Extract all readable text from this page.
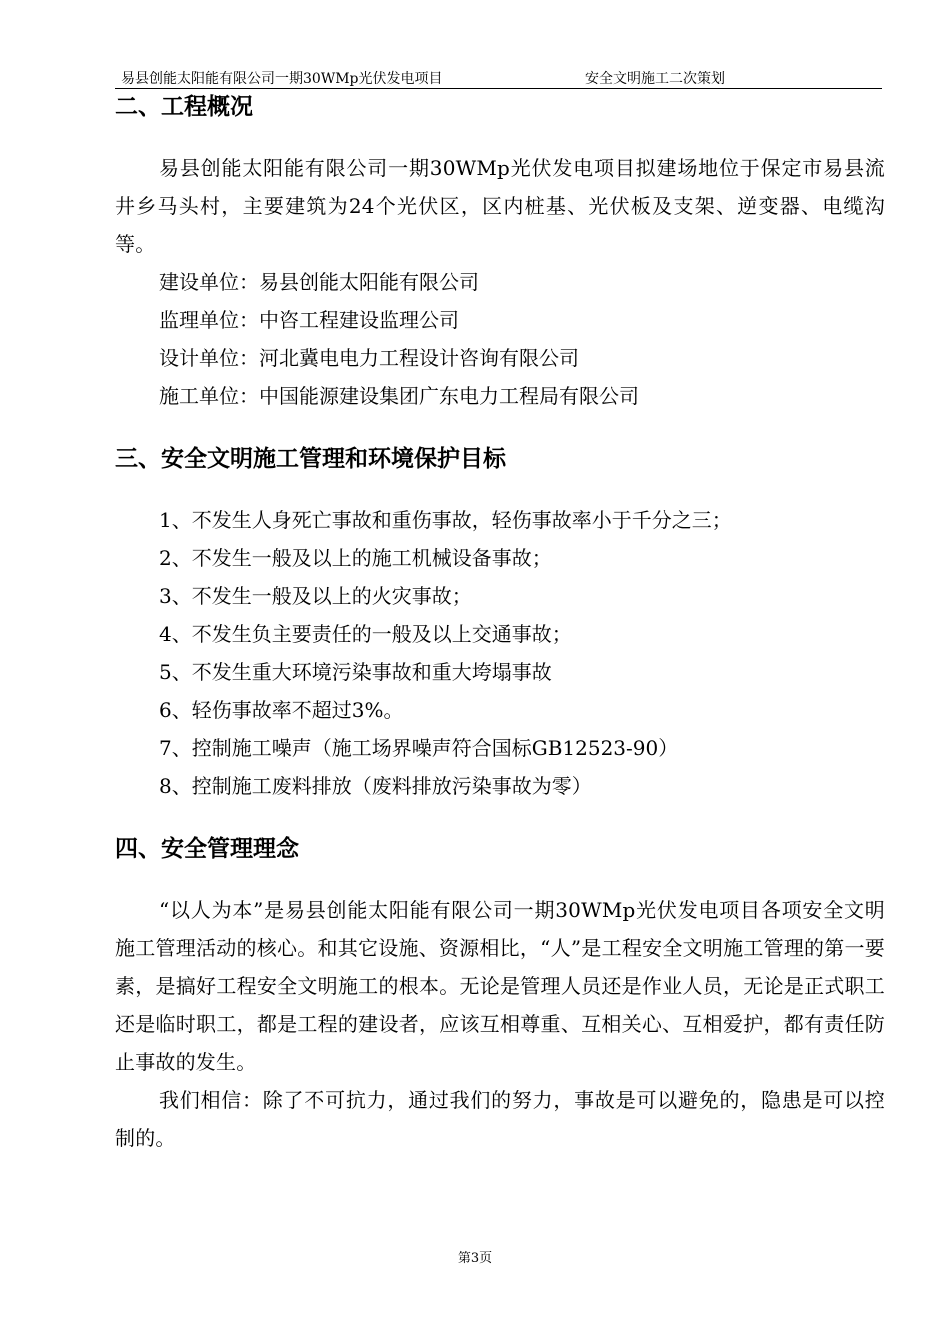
易县创能太阳能有限公司一期30WMp光伏发电项目	安全文明施工二次策划
二、工程概况

易县创能太阳能有限公司一期30WMp光伏发电项目拟建场地位于保定市易县流井乡马头村，主要建筑为24个光伏区，区内桩基、光伏板及支架、逆变器、电缆沟等。

建设单位：易县创能太阳能有限公司

监理单位：中咨工程建设监理公司

设计单位：河北冀电电力工程设计咨询有限公司

施工单位：中国能源建设集团广东电力工程局有限公司

三、安全文明施工管理和环境保护目标

1、不发生人身死亡事故和重伤事故，轻伤事故率小于千分之三；

2、不发生一般及以上的施工机械设备事故；

3、不发生一般及以上的火灾事故；

4、不发生负主要责任的一般及以上交通事故；

5、不发生重大环境污染事故和重大垮塌事故

6、轻伤事故率不超过3%。

7、控制施工噪声（施工场界噪声符合国标GB12523-90）

8、控制施工废料排放（废料排放污染事故为零）

四、安全管理理念

“以人为本”是易县创能太阳能有限公司一期30WMp光伏发电项目各项安全文明施工管理活动的核心。和其它设施、资源相比，“人”是工程安全文明施工管理的第一要素，是搞好工程安全文明施工的根本。无论是管理人员还是作业人员，无论是正式职工还是临时职工，都是工程的建设者，应该互相尊重、互相关心、互相爱护，都有责任防止事故的发生。

我们相信：除了不可抗力，通过我们的努力，事故是可以避免的，隐患是可以控制的。

第3页
